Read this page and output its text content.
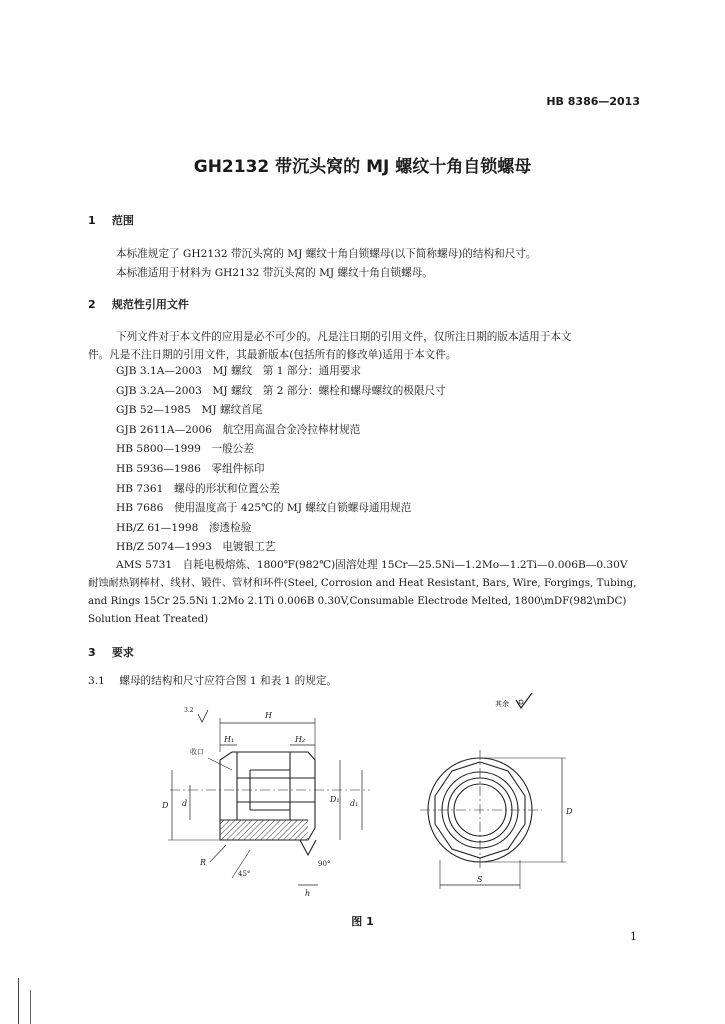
HB 8386—2013
GH2132 带沉头窝的 MJ 螺纹十角自锁螺母
1 范围
本标准规定了 GH2132 带沉头窝的 MJ 螺纹十角自锁螺母(以下简称螺母)的结构和尺寸。
本标准适用于材料为 GH2132 带沉头窝的 MJ 螺纹十角自锁螺母。
2 规范性引用文件
下列文件对于本文件的应用是必不可少的。凡是注日期的引用文件，仅所注日期的版本适用于本文
件。凡是不注日期的引用文件，其最新版本(包括所有的修改单)适用于本文件。
GJB 3.1A—2003　MJ 螺纹　第 1 部分：通用要求
GJB 3.2A—2003　MJ 螺纹　第 2 部分：螺栓和螺母螺纹的极限尺寸
GJB 52—1985　MJ 螺纹首尾
GJB 2611A—2006　航空用高温合金冷拉棒材规范
HB 5800—1999　一般公差
HB 5936—1986　零组件标印
HB 7361　螺母的形状和位置公差
HB 7686　使用温度高于 425℃的 MJ 螺纹自锁螺母通用规范
HB/Z 61—1998　渗透检验
HB/Z 5074—1993　电镀银工艺
AMS 5731　自耗电极熔炼、1800℉(982℃)固溶处理 15Cr—25.5Ni—1.2Mo—1.2Ti—0.006B—0.30V
耐蚀耐热钢棒材、线材、锻件、管材和环件(Steel, Corrosion and Heat Resistant, Bars, Wire, Forgings, Tubing,
and Rings 15Cr 25.5Ni 1.2Mo 2.1Ti 0.006B 0.30V,Consumable Electrode Melted, 1800\mDF(982\mDC)
Solution Heat Treated)
3 要求
3.1 螺母的结构和尺寸应符合图 1 和表 1 的规定。
其余
H
H₁	H₂
D d	d₁
D₁
R
45°
90°
h
收口
3.2
S
D
图 1
1
